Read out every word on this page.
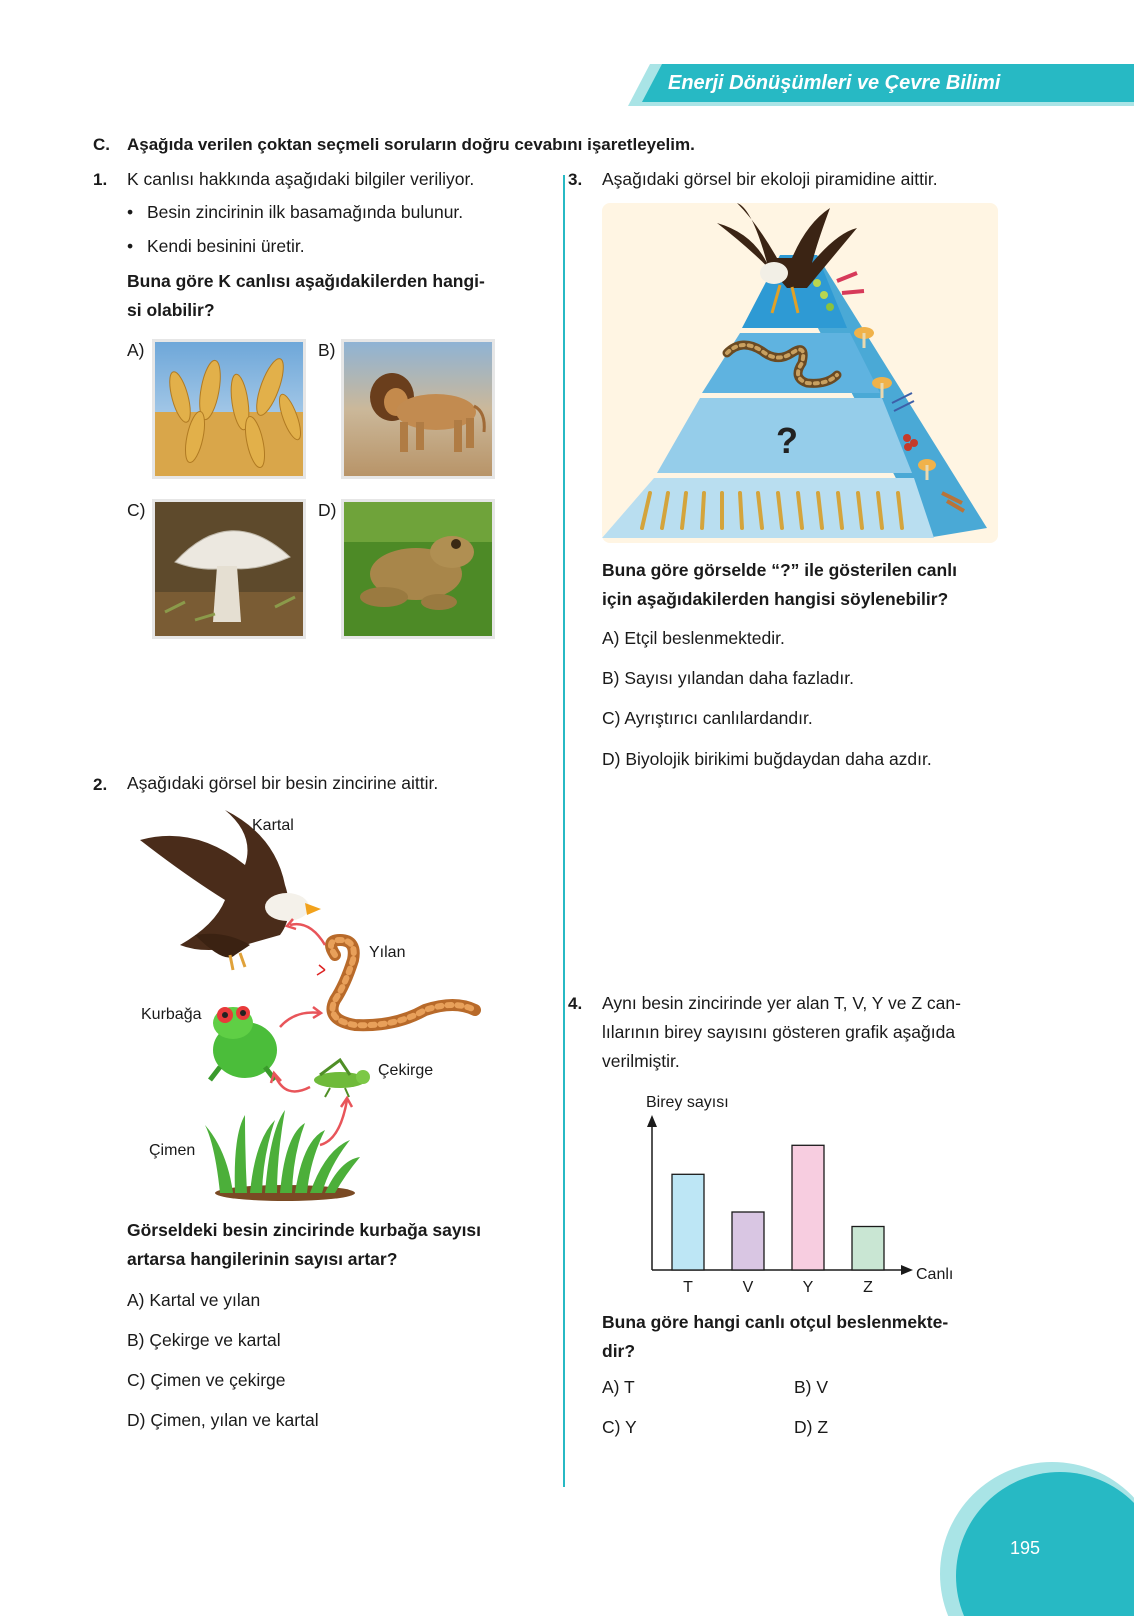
Enerji Dönüşümleri ve Çevre Bilimi
C. Aşağıda verilen çoktan seçmeli soruların doğru cevabını işaretleyelim.
1. K canlısı hakkında aşağıdaki bilgiler veriliyor.
• Besin zincirinin ilk basamağında bulunur.
• Kendi besinini üretir.
Buna göre K canlısı aşağıdakilerden hangi-
si olabilir?
A)	B)
C)	D)
2. Aşağıdaki görsel bir besin zincirine aittir.
Kartal
Yılan
Kurbağa
Çekirge
Çimen
Görseldeki besin zincirinde kurbağa sayısı
artarsa hangilerinin sayısı artar?
A) Kartal ve yılan
B) Çekirge ve kartal
C) Çimen ve çekirge
D) Çimen, yılan ve kartal
3. Aşağıdaki görsel bir ekoloji piramidine aittir.
?
Buna göre görselde “?” ile gösterilen canlı
için aşağıdakilerden hangisi söylenebilir?
A) Etçil beslenmektedir.
B) Sayısı yılandan daha fazladır.
C) Ayrıştırıcı canlılardandır.
D) Biyolojik birikimi buğdaydan daha azdır.
4. Aynı besin zincirinde yer alan T, V, Y ve Z can-
lılarının birey sayısını gösteren grafik aşağıda
verilmiştir.
Birey sayısı
Canlı
T	V	Y	Z
Buna göre hangi canlı otçul beslenmekte-
dir?
A) T	B) V
C) Y	D) Z
195
